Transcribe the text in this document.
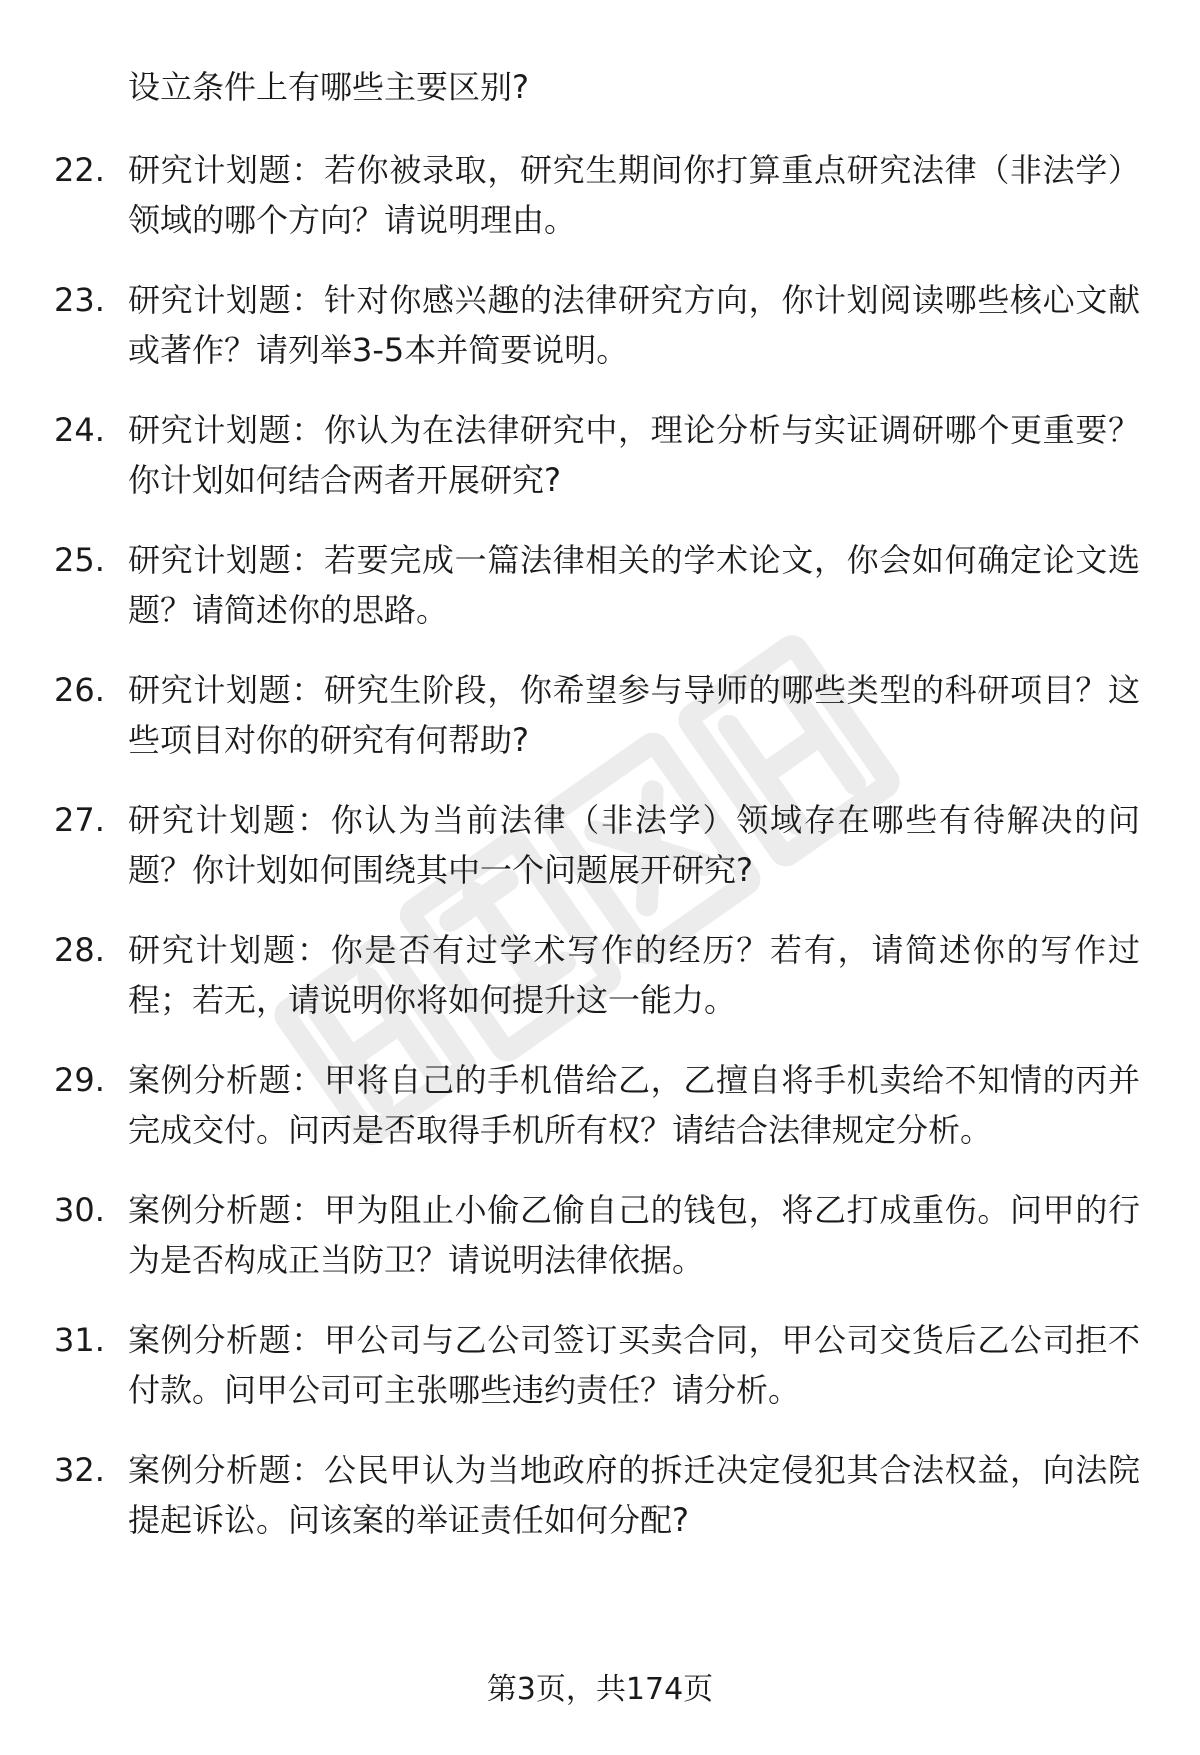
设立条件上有哪些主要区别?
22. 研究计划题：若你被录取，研究生期间你打算重点研究法律（非法学）领域的哪个方向？请说明理由。
23. 研究计划题：针对你感兴趣的法律研究方向，你计划阅读哪些核心文献或著作？请列举3-5本并简要说明。
24. 研究计划题：你认为在法律研究中，理论分析与实证调研哪个更重要？你计划如何结合两者开展研究?
25. 研究计划题：若要完成一篇法律相关的学术论文，你会如何确定论文选题？请简述你的思路。
26. 研究计划题：研究生阶段，你希望参与导师的哪些类型的科研项目？这些项目对你的研究有何帮助?
27. 研究计划题：你认为当前法律（非法学）领域存在哪些有待解决的问题？你计划如何围绕其中一个问题展开研究?
28. 研究计划题：你是否有过学术写作的经历？若有，请简述你的写作过程；若无，请说明你将如何提升这一能力。
29. 案例分析题：甲将自己的手机借给乙，乙擅自将手机卖给不知情的丙并完成交付。问丙是否取得手机所有权？请结合法律规定分析。
30. 案例分析题：甲为阻止小偷乙偷自己的钱包，将乙打成重伤。问甲的行为是否构成正当防卫？请说明法律依据。
31. 案例分析题：甲公司与乙公司签订买卖合同，甲公司交货后乙公司拒不付款。问甲公司可主张哪些违约责任？请分析。
32. 案例分析题：公民甲认为当地政府的拆迁决定侵犯其合法权益，向法院提起诉讼。问该案的举证责任如何分配?
第3页，共174页
